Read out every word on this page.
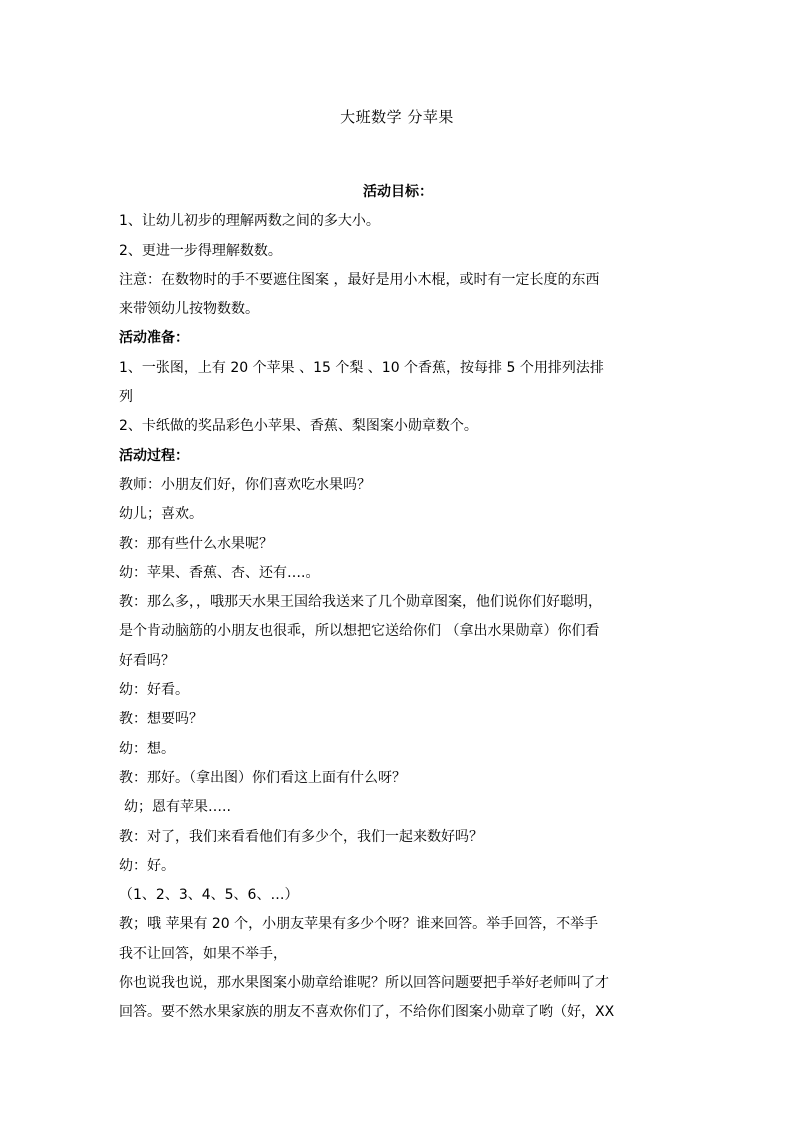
大班数学 分苹果

活动目标：

1、让幼儿初步的理解两数之间的多大小。

2、更进一步得理解数数。

注意：在数物时的手不要遮住图案 ，最好是用小木棍，或时有一定长度的东西

来带领幼儿按物数数。

活动准备：

1、一张图，上有 20 个苹果 、15 个梨 、10 个香蕉，按每排 5 个用排列法排

列

2、卡纸做的奖品彩色小苹果、香蕉、梨图案小勋章数个。

活动过程：

教师：小朋友们好，你们喜欢吃水果吗？

幼儿；喜欢。

教：那有些什么水果呢？

幼：苹果、香蕉、杏、还有….。

教：那么多，，哦那天水果王国给我送来了几个勋章图案，他们说你们好聪明，

是个肯动脑筋的小朋友也很乖，所以想把它送给你们 （拿出水果勋章）你们看

好看吗？

幼：好看。

教：想要吗？

幼：想。

教：那好。（拿出图）你们看这上面有什么呀？

幼；恩有苹果…..

教：对了，我们来看看他们有多少个，我们一起来数好吗？

幼：好。

（1、2、3、4、5、6、…）

教；哦 苹果有 20 个，小朋友苹果有多少个呀？谁来回答。举手回答，不举手

我不让回答，如果不举手，

你也说我也说，那水果图案小勋章给谁呢？所以回答问题要把手举好老师叫了才

回答。要不然水果家族的朋友不喜欢你们了，不给你们图案小勋章了哟（好，XX
